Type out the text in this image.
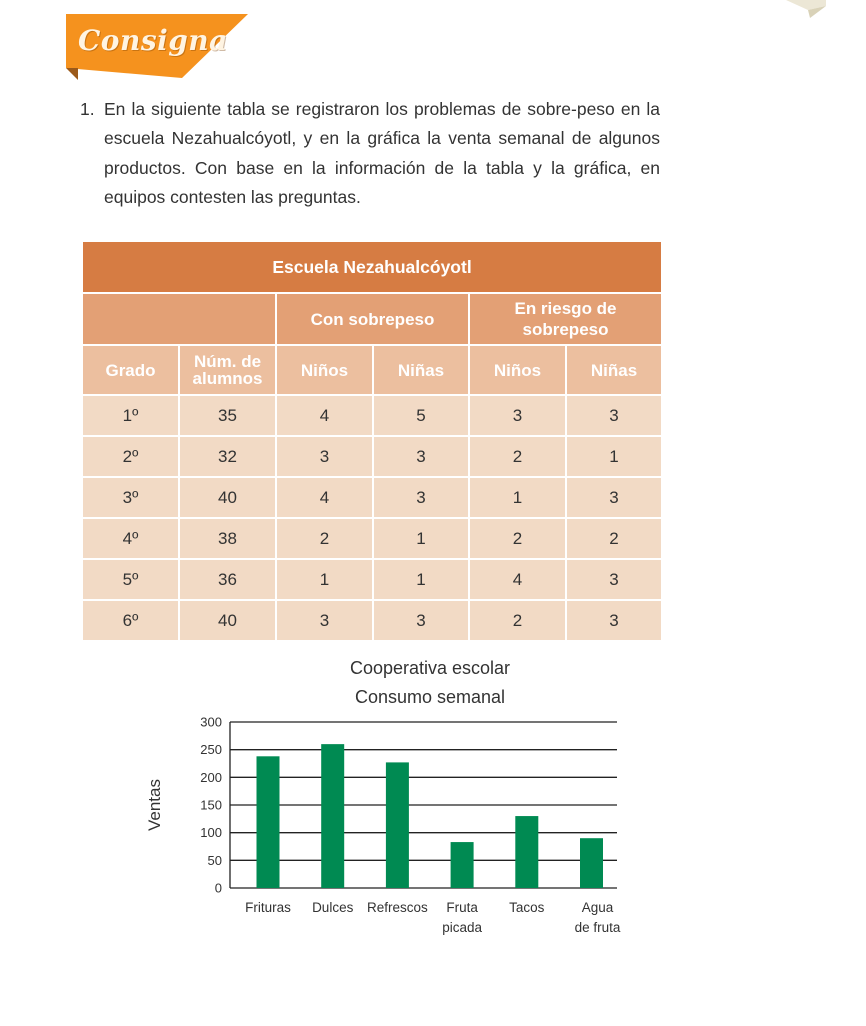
Consigna
1. En la siguiente tabla se registraron los problemas de sobre-peso en la escuela Nezahualcóyotl, y en la gráfica la venta semanal de algunos productos. Con base en la información de la tabla y la gráfica, en equipos contesten las preguntas.
Escuela Nezahualcóyotl					
		Con sobrepeso		En riesgo de sobrepeso	
Grado	Núm. de alumnos	Niños	Niñas	Niños	Niñas
1º	35	4	5	3	3
2º	32	3	3	2	1
3º	40	4	3	1	3
4º	38	2	1	2	2
5º	36	1	1	4	3
6º	40	3	3	2	3
Cooperativa escolar
Consumo semanal
0
50
100
150
200
250
300
Ventas
Frituras Dulces Refrescos Fruta
picada
Tacos	Agua
de fruta
